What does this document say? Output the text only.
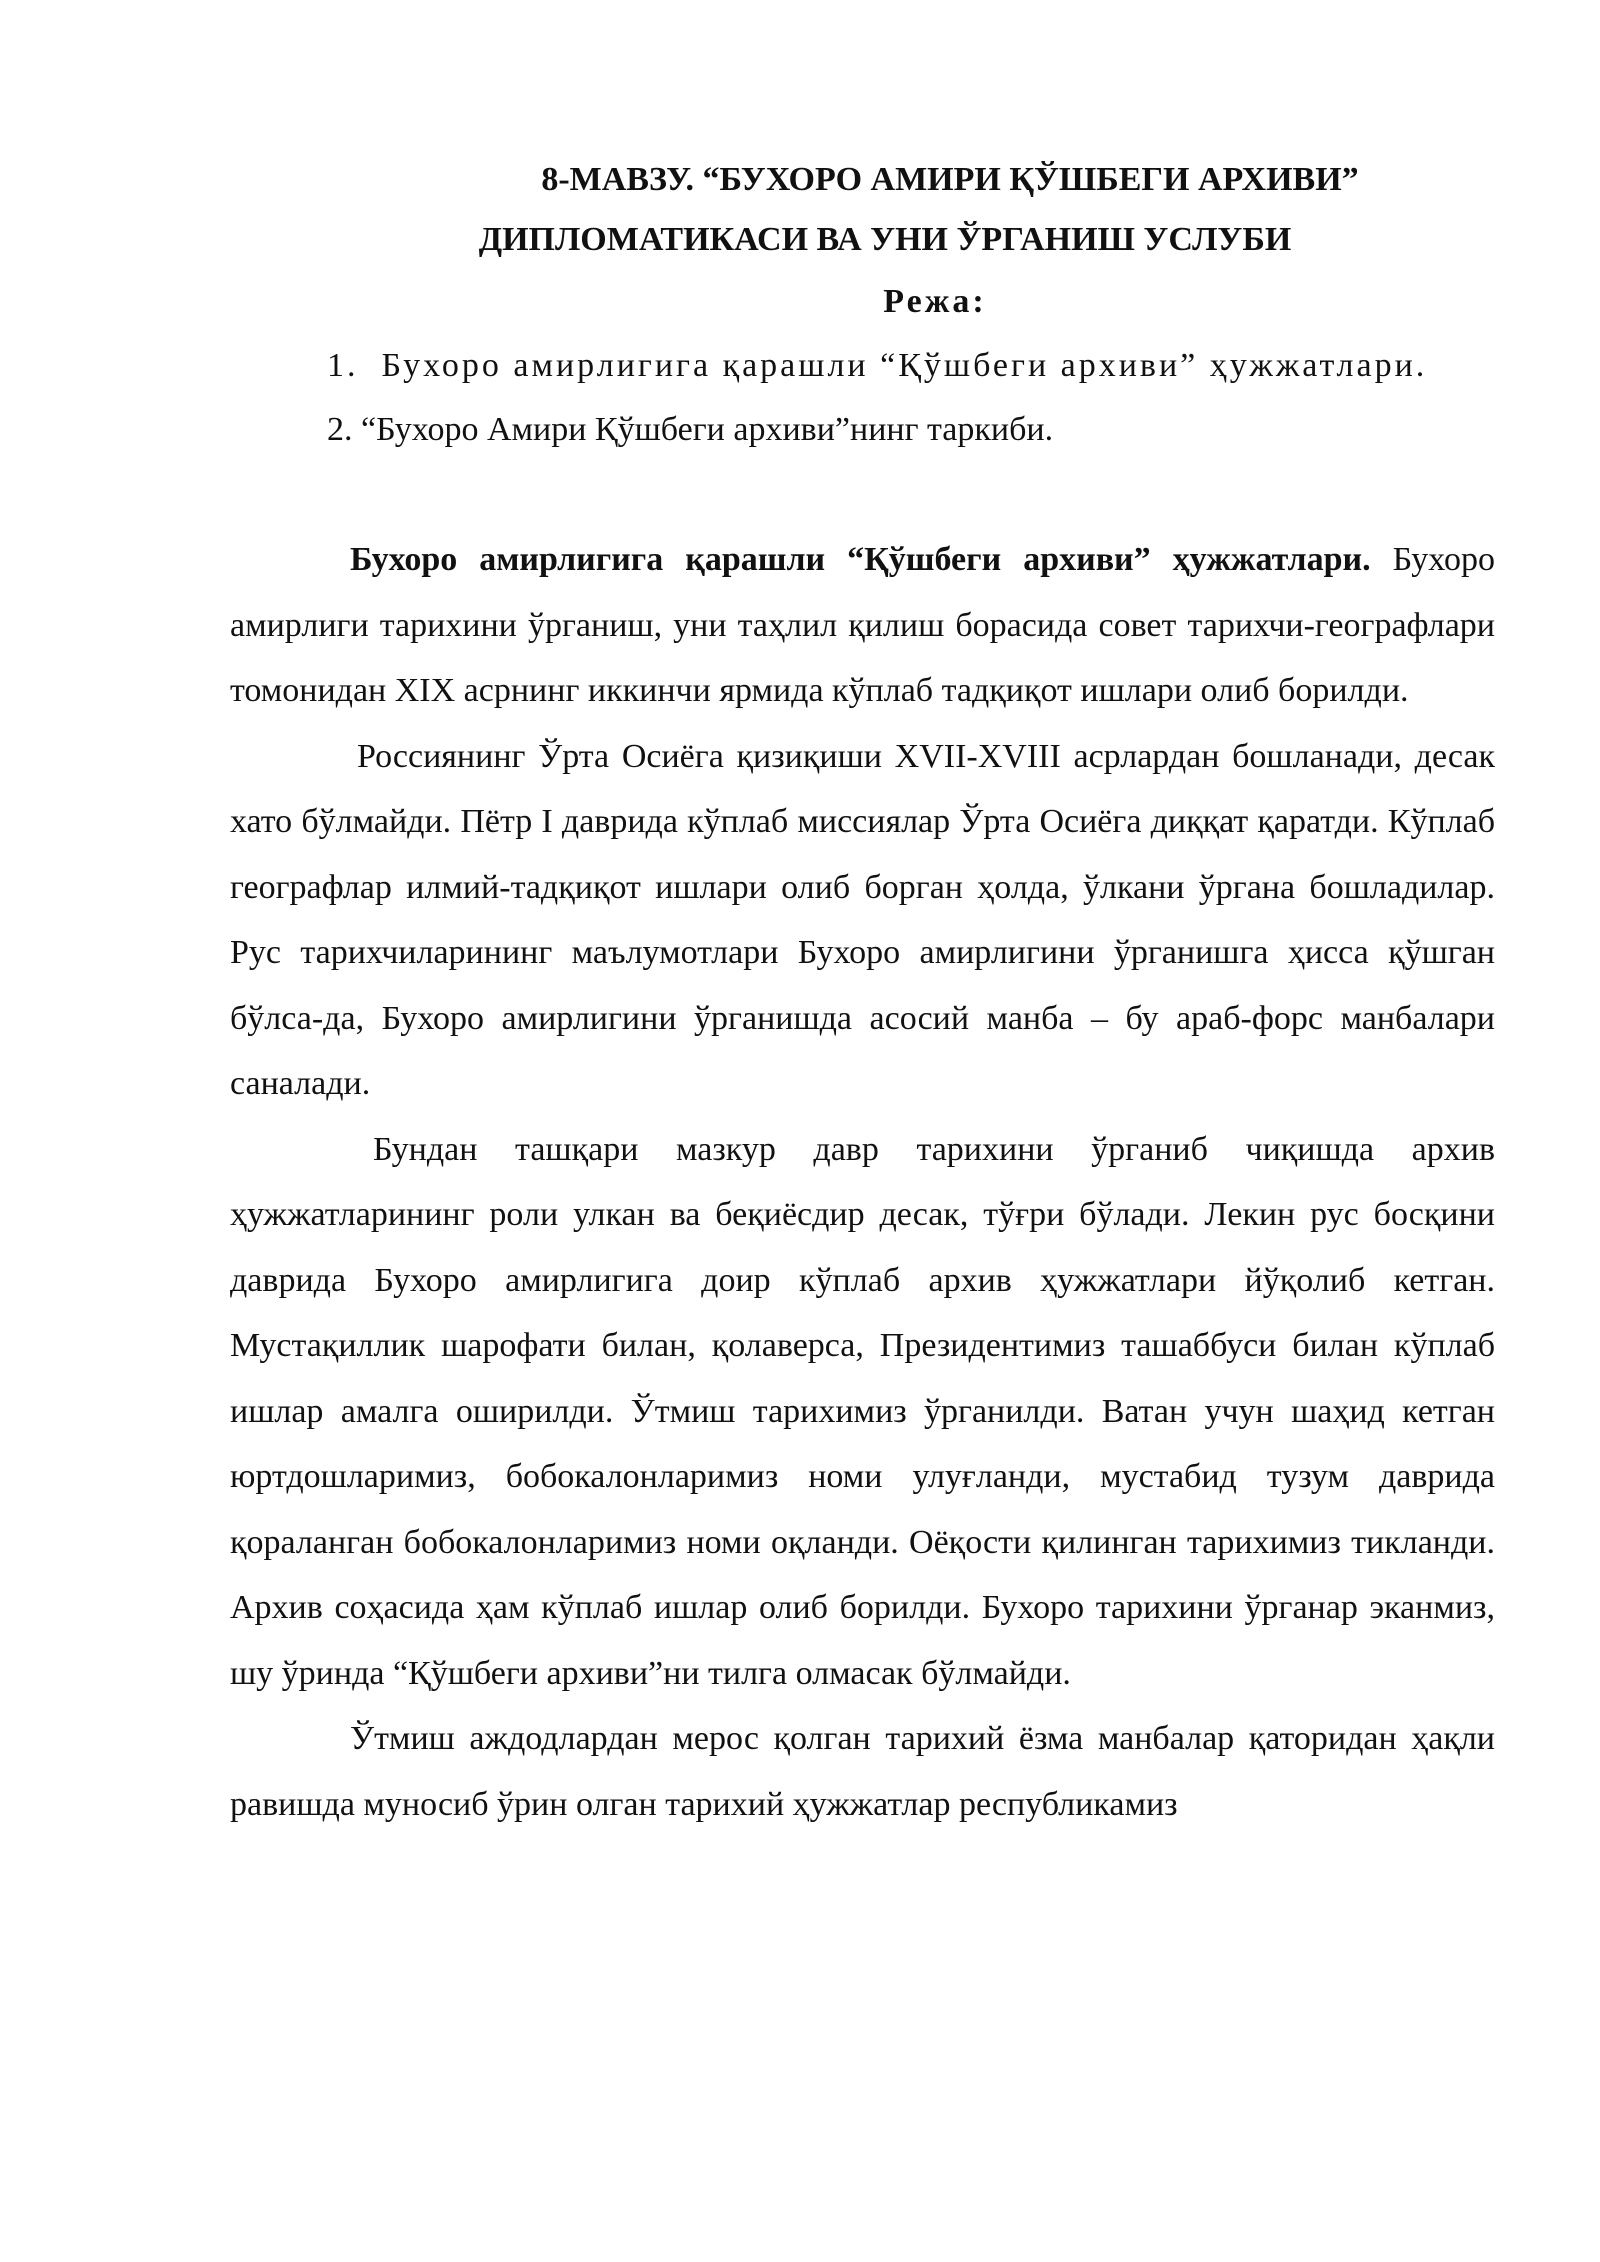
8-МАВЗУ. “БУХОРО АМИРИ ҚЎШБЕГИ АРХИВИ”

ДИПЛОМАТИКАСИ ВА УНИ ЎРГАНИШ УСЛУБИ

Режа:

1. Бухоро амирлигига қарашли “Қўшбеги архиви” ҳужжатлари.

2. “Бухоро Амири Қўшбеги архиви”нинг таркиби.

Бухоро амирлигига қарашли “Қўшбеги архиви” ҳужжатлари. Бухоро амирлиги тарихини ўрганиш, уни таҳлил қилиш борасида совет тарихчи-географлари томонидан XIX асрнинг иккинчи ярмида кўплаб тадқиқот ишлари олиб борилди.

Россиянинг Ўрта Осиёга қизиқиши XVII-XVIII асрлардан бошланади, десак хато бўлмайди. Пётр I даврида кўплаб миссиялар Ўрта Осиёга диққат қаратди. Кўплаб географлар илмий-тадқиқот ишлари олиб борган ҳолда, ўлкани ўргана бошладилар. Рус тарихчиларининг маълумотлари Бухоро амирлигини ўрганишга ҳисса қўшган бўлса-да, Бухоро амирлигини ўрганишда асосий манба – бу араб-форс манбалари саналади.

Бундан ташқари мазкур давр тарихини ўрганиб чиқишда архив ҳужжатларининг роли улкан ва беқиёсдир десак, тўғри бўлади. Лекин рус босқини даврида Бухоро амирлигига доир кўплаб архив ҳужжатлари йўқолиб кетган. Мустақиллик шарофати билан, қолаверса, Президентимиз ташаббуси билан кўплаб ишлар амалга оширилди. Ўтмиш тарихимиз ўрганилди. Ватан учун шаҳид кетган юртдошларимиз, бобокалонларимиз номи улуғланди, мустабид тузум даврида қораланган бобокалонларимиз номи оқланди. Оёқости қилинган тарихимиз тикланди. Архив соҳасида ҳам кўплаб ишлар олиб борилди. Бухоро тарихини ўрганар эканмиз, шу ўринда “Қўшбеги архиви”ни тилга олмасак бўлмайди.

Ўтмиш аждодлардан мерос қолган тарихий ёзма манбалар қаторидан ҳақли равишда муносиб ўрин олган тарихий ҳужжатлар республикамиз
